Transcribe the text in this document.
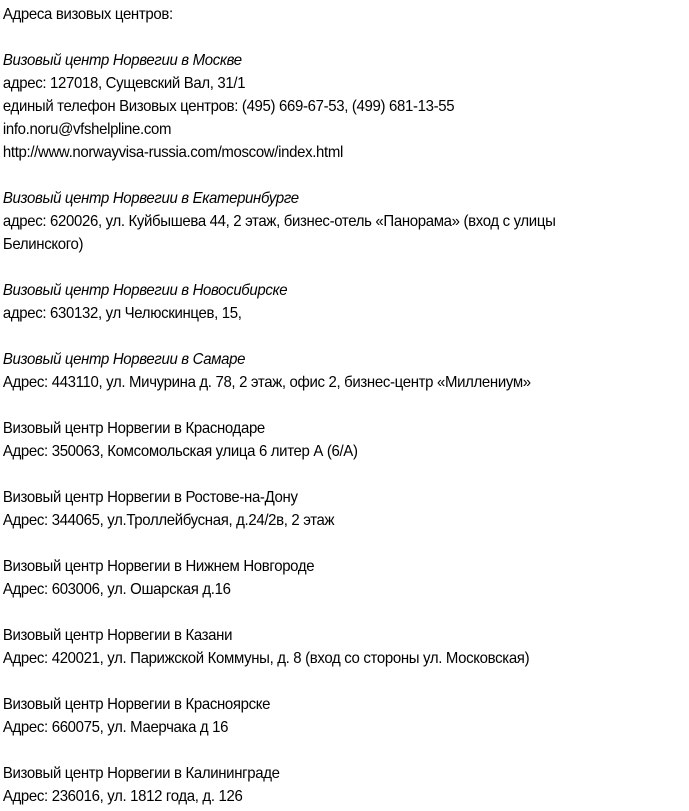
Адреса визовых центров:
Визовый центр Норвегии в Москве
адрес: 127018, Сущевский Вал, 31/1
единый телефон Визовых центров: (495) 669-67-53, (499) 681-13-55
info.noru@vfshelpline.com
http://www.norwayvisa-russia.com/moscow/index.html
Визовый центр Норвегии в Екатеринбурге
адрес: 620026, ул. Куйбышева 44, 2 этаж, бизнес-отель «Панорама» (вход с улицы
Белинского)
Визовый центр Норвегии в Новосибирске
адрес: 630132, ул Челюскинцев, 15,
Визовый центр Норвегии в Самаре
Адрес: 443110, ул. Мичурина д. 78, 2 этаж, офис 2, бизнес-центр «Миллениум»
Визовый центр Норвегии в Краснодаре
Адрес: 350063, Комсомольская улица 6 литер А (6/А)
Визовый центр Норвегии в Ростове-на-Дону
Адрес: 344065, ул.Троллейбусная, д.24/2в, 2 этаж
Визовый центр Норвегии в Нижнем Новгороде
Адрес: 603006, ул. Ошарская д.16
Визовый центр Норвегии в Казани
Адрес: 420021, ул. Парижской Коммуны, д. 8 (вход со стороны ул. Московская)
Визовый центр Норвегии в Красноярске
Адрес: 660075, ул. Маерчака д 16
Визовый центр Норвегии в Калининграде
Адрес: 236016, ул. 1812 года, д. 126
